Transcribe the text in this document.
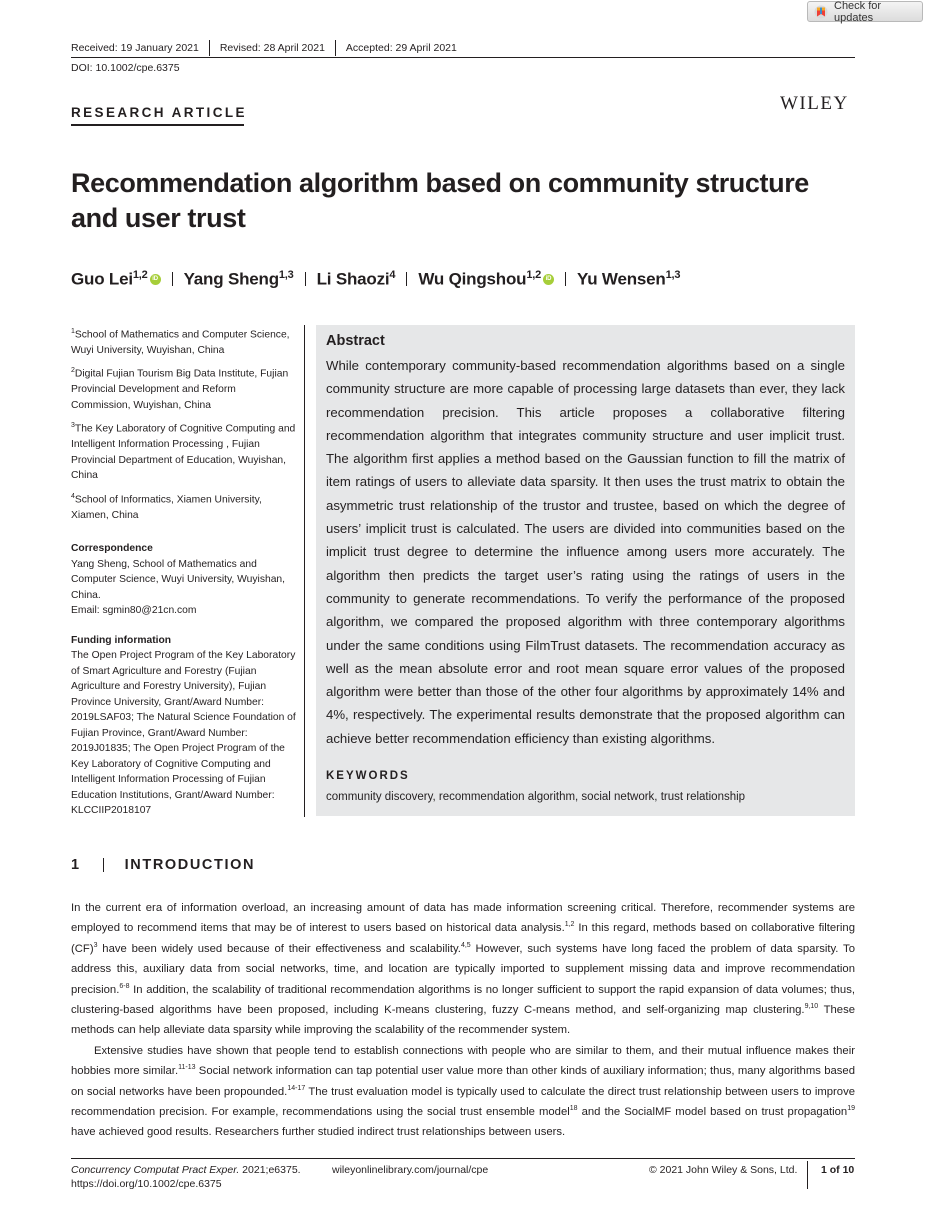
Check for updates
Received: 19 January 2021 Revised: 28 April 2021 Accepted: 29 April 2021
DOI: 10.1002/cpe.6375
RESEARCH ARTICLE	WILEY
Recommendation algorithm based on community structure and user trust
Guo Lei$^{1,2}$ iD Yang Sheng$^{1,3}$ Li Shaozi$^4$ Wu Qingshou$^{1,2}$ iD Yu Wensen$^{1,3}$

$^1$School of Mathematics and Computer Science, Wuyi University, Wuyishan, China

$^2$Digital Fujian Tourism Big Data Institute, Fujian Provincial Development and Reform Commission, Wuyishan, China

$^3$The Key Laboratory of Cognitive Computing and Intelligent Information Processing , Fujian Provincial Department of Education, Wuyishan, China

$^4$School of Informatics, Xiamen University, Xiamen, China

Correspondence

Yang Sheng, School of Mathematics and Computer Science, Wuyi University, Wuyishan, China.

Email: sgmin80@21cn.com

Funding information

The Open Project Program of the Key Laboratory of Smart Agriculture and Forestry (Fujian Agriculture and Forestry University), Fujian Province University, Grant/Award Number: 2019LSAF03; The Natural Science Foundation of Fujian Province, Grant/Award Number: 2019J01835; The Open Project Program of the Key Laboratory of Cognitive Computing and Intelligent Information Processing of Fujian Education Institutions, Grant/Award Number: KLCCIIP2018107

Abstract
While contemporary community-based recommendation algorithms based on a single community structure are more capable of processing large datasets than ever, they lack recommendation precision. This article proposes a collaborative filtering recommendation algorithm that integrates community structure and user implicit trust. The algorithm first applies a method based on the Gaussian function to fill the matrix of item ratings of users to alleviate data sparsity. It then uses the trust matrix to obtain the asymmetric trust relationship of the trustor and trustee, based on which the degree of users’ implicit trust is calculated. The users are divided into communities based on the implicit trust degree to determine the influence among users more accurately. The algorithm then predicts the target user’s rating using the ratings of users in the community to generate recommendations. To verify the performance of the proposed algorithm, we compared the proposed algorithm with three contemporary algorithms under the same conditions using FilmTrust datasets. The recommendation accuracy as well as the mean absolute error and root mean square error values of the proposed algorithm were better than those of the other four algorithms by approximately 14% and 4%, respectively. The experimental results demonstrate that the proposed algorithm can achieve better recommendation efficiency than existing algorithms.
KEYWORDS
community discovery, recommendation algorithm, social network, trust relationship
1	INTRODUCTION

In the current era of information overload, an increasing amount of data has made information screening critical. Therefore, recommender systems are employed to recommend items that may be of interest to users based on historical data analysis.$^{1,2}$ In this regard, methods based on collaborative filtering (CF)$^3$ have been widely used because of their effectiveness and scalability.$^{4,5}$ However, such systems have long faced the problem of data sparsity. To address this, auxiliary data from social networks, time, and location are typically imported to supplement missing data and improve recommendation precision.$^{6-8}$ In addition, the scalability of traditional recommendation algorithms is no longer sufficient to support the rapid expansion of data volumes; thus, clustering-based algorithms have been proposed, including K-means clustering, fuzzy C-means method, and self-organizing map clustering.$^{9,10}$ These methods can help alleviate data sparsity while improving the scalability of the recommender system.

Extensive studies have shown that people tend to establish connections with people who are similar to them, and their mutual influence makes their hobbies more similar.$^{11-13}$ Social network information can tap potential user value more than other kinds of auxiliary information; thus, many algorithms based on social networks have been propounded.$^{14-17}$ The trust evaluation model is typically used to calculate the direct trust relationship between users to improve recommendation precision. For example, recommendations using the social trust ensemble model$^{18}$ and the SocialMF model based on trust propagation$^{19}$ have achieved good results. Researchers further studied indirect trust relationships between users.

Concurrency Computat Pract Exper. 2021;e6375.
https://doi.org/10.1002/cpe.6375
wileyonlinelibrary.com/journal/cpe	© 2021 John Wiley & Sons, Ltd. 1 of 10
